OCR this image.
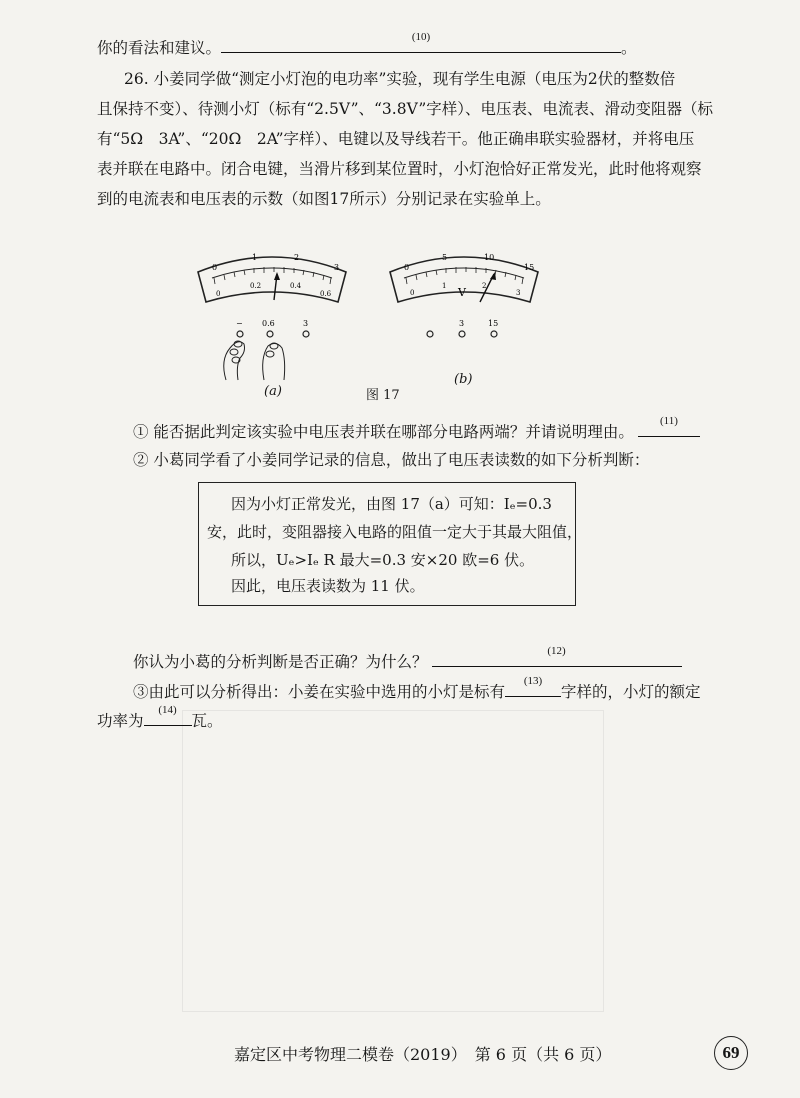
你的看法和建议。
(10)
。
26. 小姜同学做“测定小灯泡的电功率”实验，现有学生电源（电压为2伏的整数倍
且保持不变）、待测小灯（标有“2.5V”、“3.8V”字样）、电压表、电流表、滑动变阻器（标
有“5Ω　3A”、“20Ω　2A”字样）、电键以及导线若干。他正确串联实验器材，并将电压
表并联在电路中。闭合电键，当滑片移到某位置时，小灯泡恰好正常发光，此时他将观察
到的电流表和电压表的示数（如图17所示）分别记录在实验单上。
0
1	2
3
0
0.2	0.4
0.6
− 0.6	3
0
5	10
15
0
1	2
3
V
3	15
(a)	图 17
(b)
① 能否据此判定该实验中电压表并联在哪部分电路两端？并请说明理由。
(11)
② 小葛同学看了小姜同学记录的信息，做出了电压表读数的如下分析判断：
因为小灯正常发光，由图 17（a）可知：Iₑ=0.3
安，此时，变阻器接入电路的阻值一定大于其最大阻值，
所以，Uₑ>Iₑ R 最大=0.3 安×20 欧=6 伏。
因此，电压表读数为 11 伏。
你认为小葛的分析判断是否正确？为什么？
(12)
③由此可以分析得出：小姜在实验中选用的小灯是标有
(13)
字样的，小灯的额定
功率为
(14)
瓦。
嘉定区中考物理二模卷（2019）　第 6 页（共 6 页）	69
